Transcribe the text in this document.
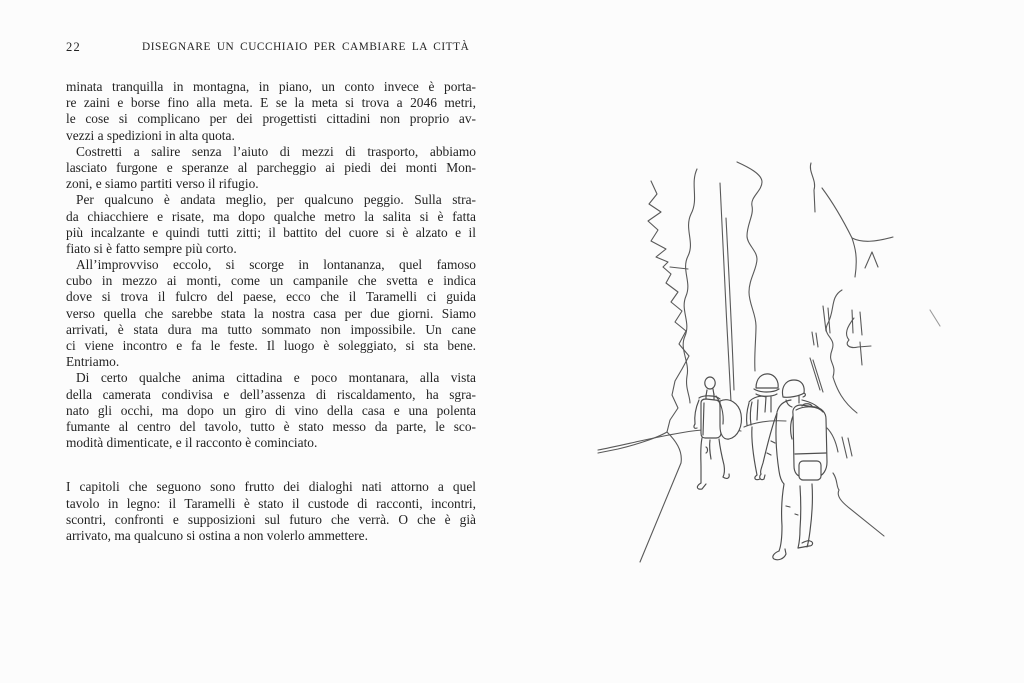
22	DISEGNARE UN CUCCHIAIO PER CAMBIARE LA CITTÀ
minata tranquilla in montagna, in piano, un conto invece è porta-
re zaini e borse fino alla meta. E se la meta si trova a 2046 metri,
le cose si complicano per dei progettisti cittadini non proprio av-
vezzi a spedizioni in alta quota.
Costretti a salire senza l’aiuto di mezzi di trasporto, abbiamo
lasciato furgone e speranze al parcheggio ai piedi dei monti Mon-
zoni, e siamo partiti verso il rifugio.
Per qualcuno è andata meglio, per qualcuno peggio. Sulla stra-
da chiacchiere e risate, ma dopo qualche metro la salita si è fatta
più incalzante e quindi tutti zitti; il battito del cuore si è alzato e il
fiato si è fatto sempre più corto.
All’improvviso eccolo, si scorge in lontananza, quel famoso
cubo in mezzo ai monti, come un campanile che svetta e indica
dove si trova il fulcro del paese, ecco che il Taramelli ci guida
verso quella che sarebbe stata la nostra casa per due giorni. Siamo
arrivati, è stata dura ma tutto sommato non impossibile. Un cane
ci viene incontro e fa le feste. Il luogo è soleggiato, si sta bene.
Entriamo.
Di certo qualche anima cittadina e poco montanara, alla vista
della camerata condivisa e dell’assenza di riscaldamento, ha sgra-
nato gli occhi, ma dopo un giro di vino della casa e una polenta
fumante al centro del tavolo, tutto è stato messo da parte, le sco-
modità dimenticate, e il racconto è cominciato.
I capitoli che seguono sono frutto dei dialoghi nati attorno a quel
tavolo in legno: il Taramelli è stato il custode di racconti, incontri,
scontri, confronti e supposizioni sul futuro che verrà. O che è già
arrivato, ma qualcuno si ostina a non volerlo ammettere.
